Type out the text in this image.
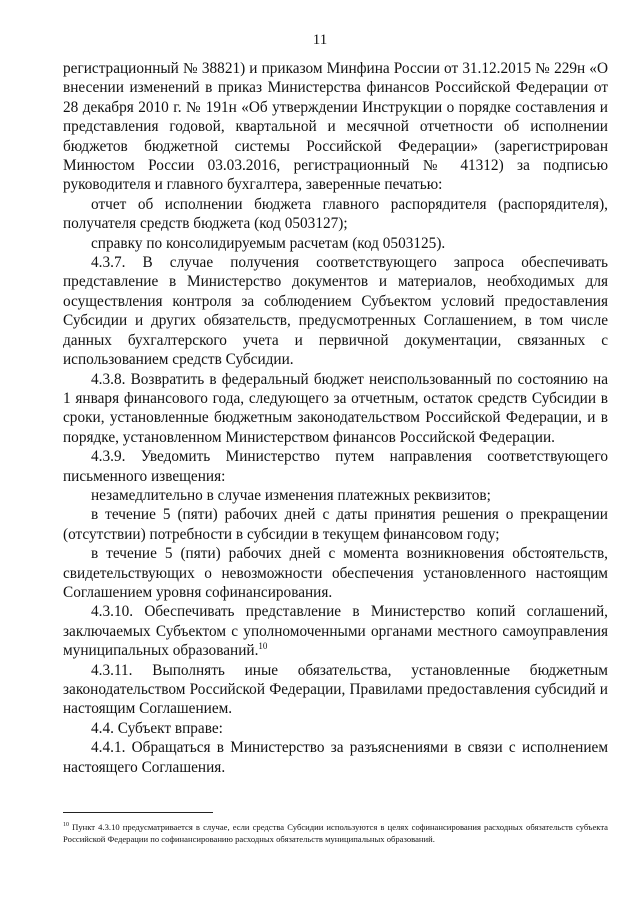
11

регистрационный № 38821) и приказом Минфина России от 31.12.2015 № 229н «О внесении изменений в приказ Министерства финансов Российской Федерации от 28 декабря 2010 г. № 191н «Об утверждении Инструкции о порядке составления и представления годовой, квартальной и месячной отчетности об исполнении бюджетов бюджетной системы Российской Федерации» (зарегистрирован Минюстом России 03.03.2016, регистрационный № 41312) за подписью руководителя и главного бухгалтера, заверенные печатью:

отчет об исполнении бюджета главного распорядителя (распорядителя), получателя средств бюджета (код 0503127);

справку по консолидируемым расчетам (код 0503125).

4.3.7. В случае получения соответствующего запроса обеспечивать представление в Министерство документов и материалов, необходимых для осуществления контроля за соблюдением Субъектом условий предоставления Субсидии и других обязательств, предусмотренных Соглашением, в том числе данных бухгалтерского учета и первичной документации, связанных с использованием средств Субсидии.

4.3.8. Возвратить в федеральный бюджет неиспользованный по состоянию на 1 января финансового года, следующего за отчетным, остаток средств Субсидии в сроки, установленные бюджетным законодательством Российской Федерации, и в порядке, установленном Министерством финансов Российской Федерации.

4.3.9. Уведомить Министерство путем направления соответствующего письменного извещения:

незамедлительно в случае изменения платежных реквизитов;

в течение 5 (пяти) рабочих дней с даты принятия решения о прекращении (отсутствии) потребности в субсидии в текущем финансовом году;

в течение 5 (пяти) рабочих дней с момента возникновения обстоятельств, свидетельствующих о невозможности обеспечения установленного настоящим Соглашением уровня софинансирования.

4.3.10. Обеспечивать представление в Министерство копий соглашений, заключаемых Субъектом с уполномоченными органами местного самоуправления муниципальных образований.$^{10}$

4.3.11. Выполнять иные обязательства, установленные бюджетным законодательством Российской Федерации, Правилами предоставления субсидий и настоящим Соглашением.

4.4. Субъект вправе:

4.4.1. Обращаться в Министерство за разъяснениями в связи с исполнением настоящего Соглашения.

$^{10}$ Пункт 4.3.10 предусматривается в случае, если средства Субсидии используются в целях софинансирования расходных обязательств субъекта Российской Федерации по софинансированию расходных обязательств муниципальных образований.
